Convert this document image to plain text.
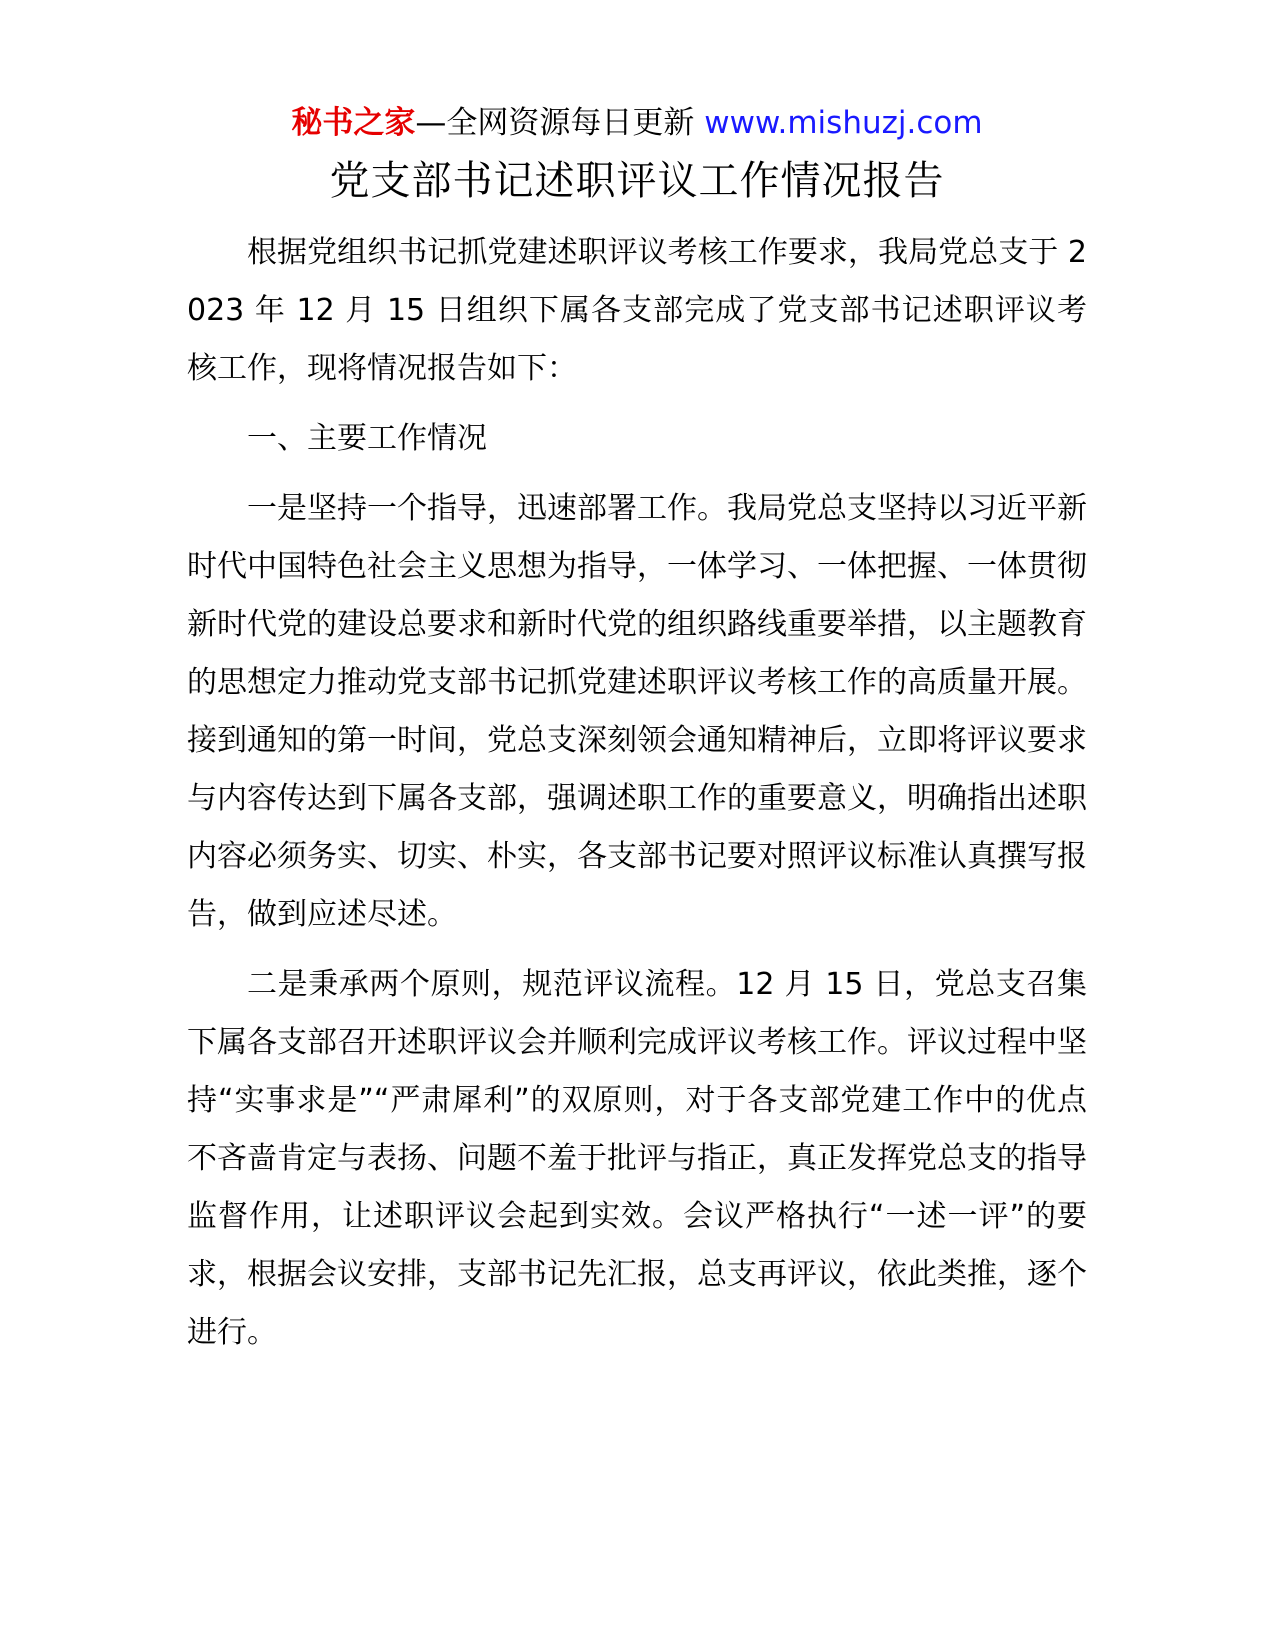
秘书之家—全网资源每日更新 www.mishuzj.com
党支部书记述职评议工作情况报告

根据党组织书记抓党建述职评议考核工作要求，我局党总支于 2023 年 12 月 15 日组织下属各支部完成了党支部书记述职评议考核工作，现将情况报告如下：

一、主要工作情况

一是坚持一个指导，迅速部署工作。我局党总支坚持以习近平新时代中国特色社会主义思想为指导，一体学习、一体把握、一体贯彻新时代党的建设总要求和新时代党的组织路线重要举措，以主题教育的思想定力推动党支部书记抓党建述职评议考核工作的高质量开展。接到通知的第一时间，党总支深刻领会通知精神后，立即将评议要求与内容传达到下属各支部，强调述职工作的重要意义，明确指出述职内容必须务实、切实、朴实，各支部书记要对照评议标准认真撰写报告，做到应述尽述。

二是秉承两个原则，规范评议流程。12 月 15 日，党总支召集下属各支部召开述职评议会并顺利完成评议考核工作。评议过程中坚持“实事求是”“严肃犀利”的双原则，对于各支部党建工作中的优点不吝啬肯定与表扬、问题不羞于批评与指正，真正发挥党总支的指导监督作用，让述职评议会起到实效。会议严格执行“一述一评”的要求，根据会议安排，支部书记先汇报，总支再评议，依此类推，逐个进行。
